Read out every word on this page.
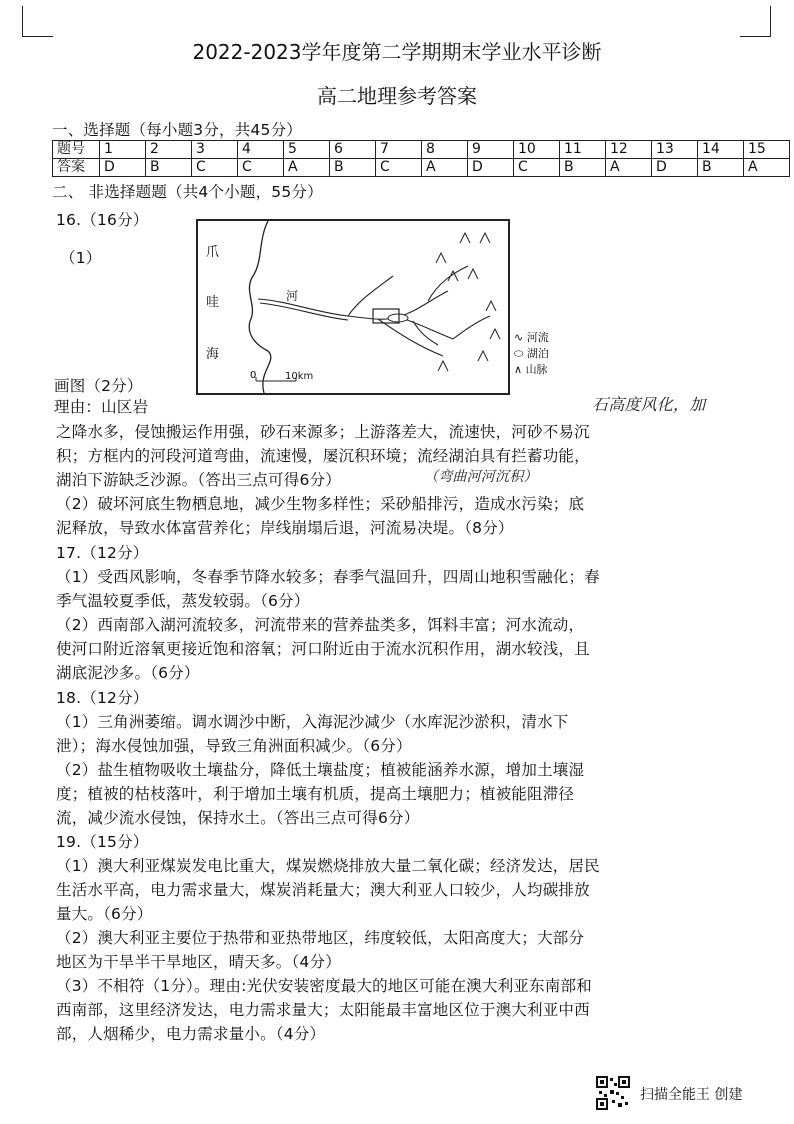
2022-2023学年度第二学期期末学业水平诊断
高二地理参考答案
一、选择题（每小题3分，共45分）
题号	1	2	3	4	5	6	7	8	9	10	11	12	13	14	15
答案	D	B	C	C	A	B	C	A	D	C	B	A	D	B	A
二、 非选择题题（共4个小题，55分）
16.（16分）
（1）
0
爪
哇
海
河
10km
∿ 河流
⬭ 湖泊
∧ 山脉
画图（2分）
理由：山区岩	石高度风化，加
之降水多，侵蚀搬运作用强，砂石来源多；上游落差大，流速快，河砂不易沉
积；方框内的河段河道弯曲，流速慢，屡沉积环境；流经湖泊具有拦蓄功能，
湖泊下游缺乏沙源。（答出三点可得6分）	（弯曲河河沉积）
（2）破坏河底生物栖息地，减少生物多样性；采砂船排污，造成水污染；底
泥释放，导致水体富营养化；岸线崩塌后退，河流易决堤。（8分）
17.（12分）
（1）受西风影响，冬春季节降水较多；春季气温回升，四周山地积雪融化；春
季气温较夏季低，蒸发较弱。（6分）
（2）西南部入湖河流较多，河流带来的营养盐类多，饵料丰富；河水流动，
使河口附近溶氧更接近饱和溶氧；河口附近由于流水沉积作用，湖水较浅，且
湖底泥沙多。（6分）
18.（12分）
（1）三角洲萎缩。调水调沙中断，入海泥沙减少（水库泥沙淤积，清水下
泄）；海水侵蚀加强，导致三角洲面积减少。（6分）
（2）盐生植物吸收土壤盐分，降低土壤盐度；植被能涵养水源，增加土壤湿
度；植被的枯枝落叶，利于增加土壤有机质，提高土壤肥力；植被能阻滞径
流，减少流水侵蚀，保持水土。（答出三点可得6分）
19.（15分）
（1）澳大利亚煤炭发电比重大，煤炭燃烧排放大量二氧化碳；经济发达，居民
生活水平高，电力需求量大，煤炭消耗量大；澳大利亚人口较少，人均碳排放
量大。（6分）
（2）澳大利亚主要位于热带和亚热带地区，纬度较低，太阳高度大；大部分
地区为干旱半干旱地区，晴天多。（4分）
（3）不相符（1分）。理由:光伏安装密度最大的地区可能在澳大利亚东南部和
西南部，这里经济发达，电力需求量大；太阳能最丰富地区位于澳大利亚中西
部，人烟稀少，电力需求量小。（4分）
扫描全能王 创建
